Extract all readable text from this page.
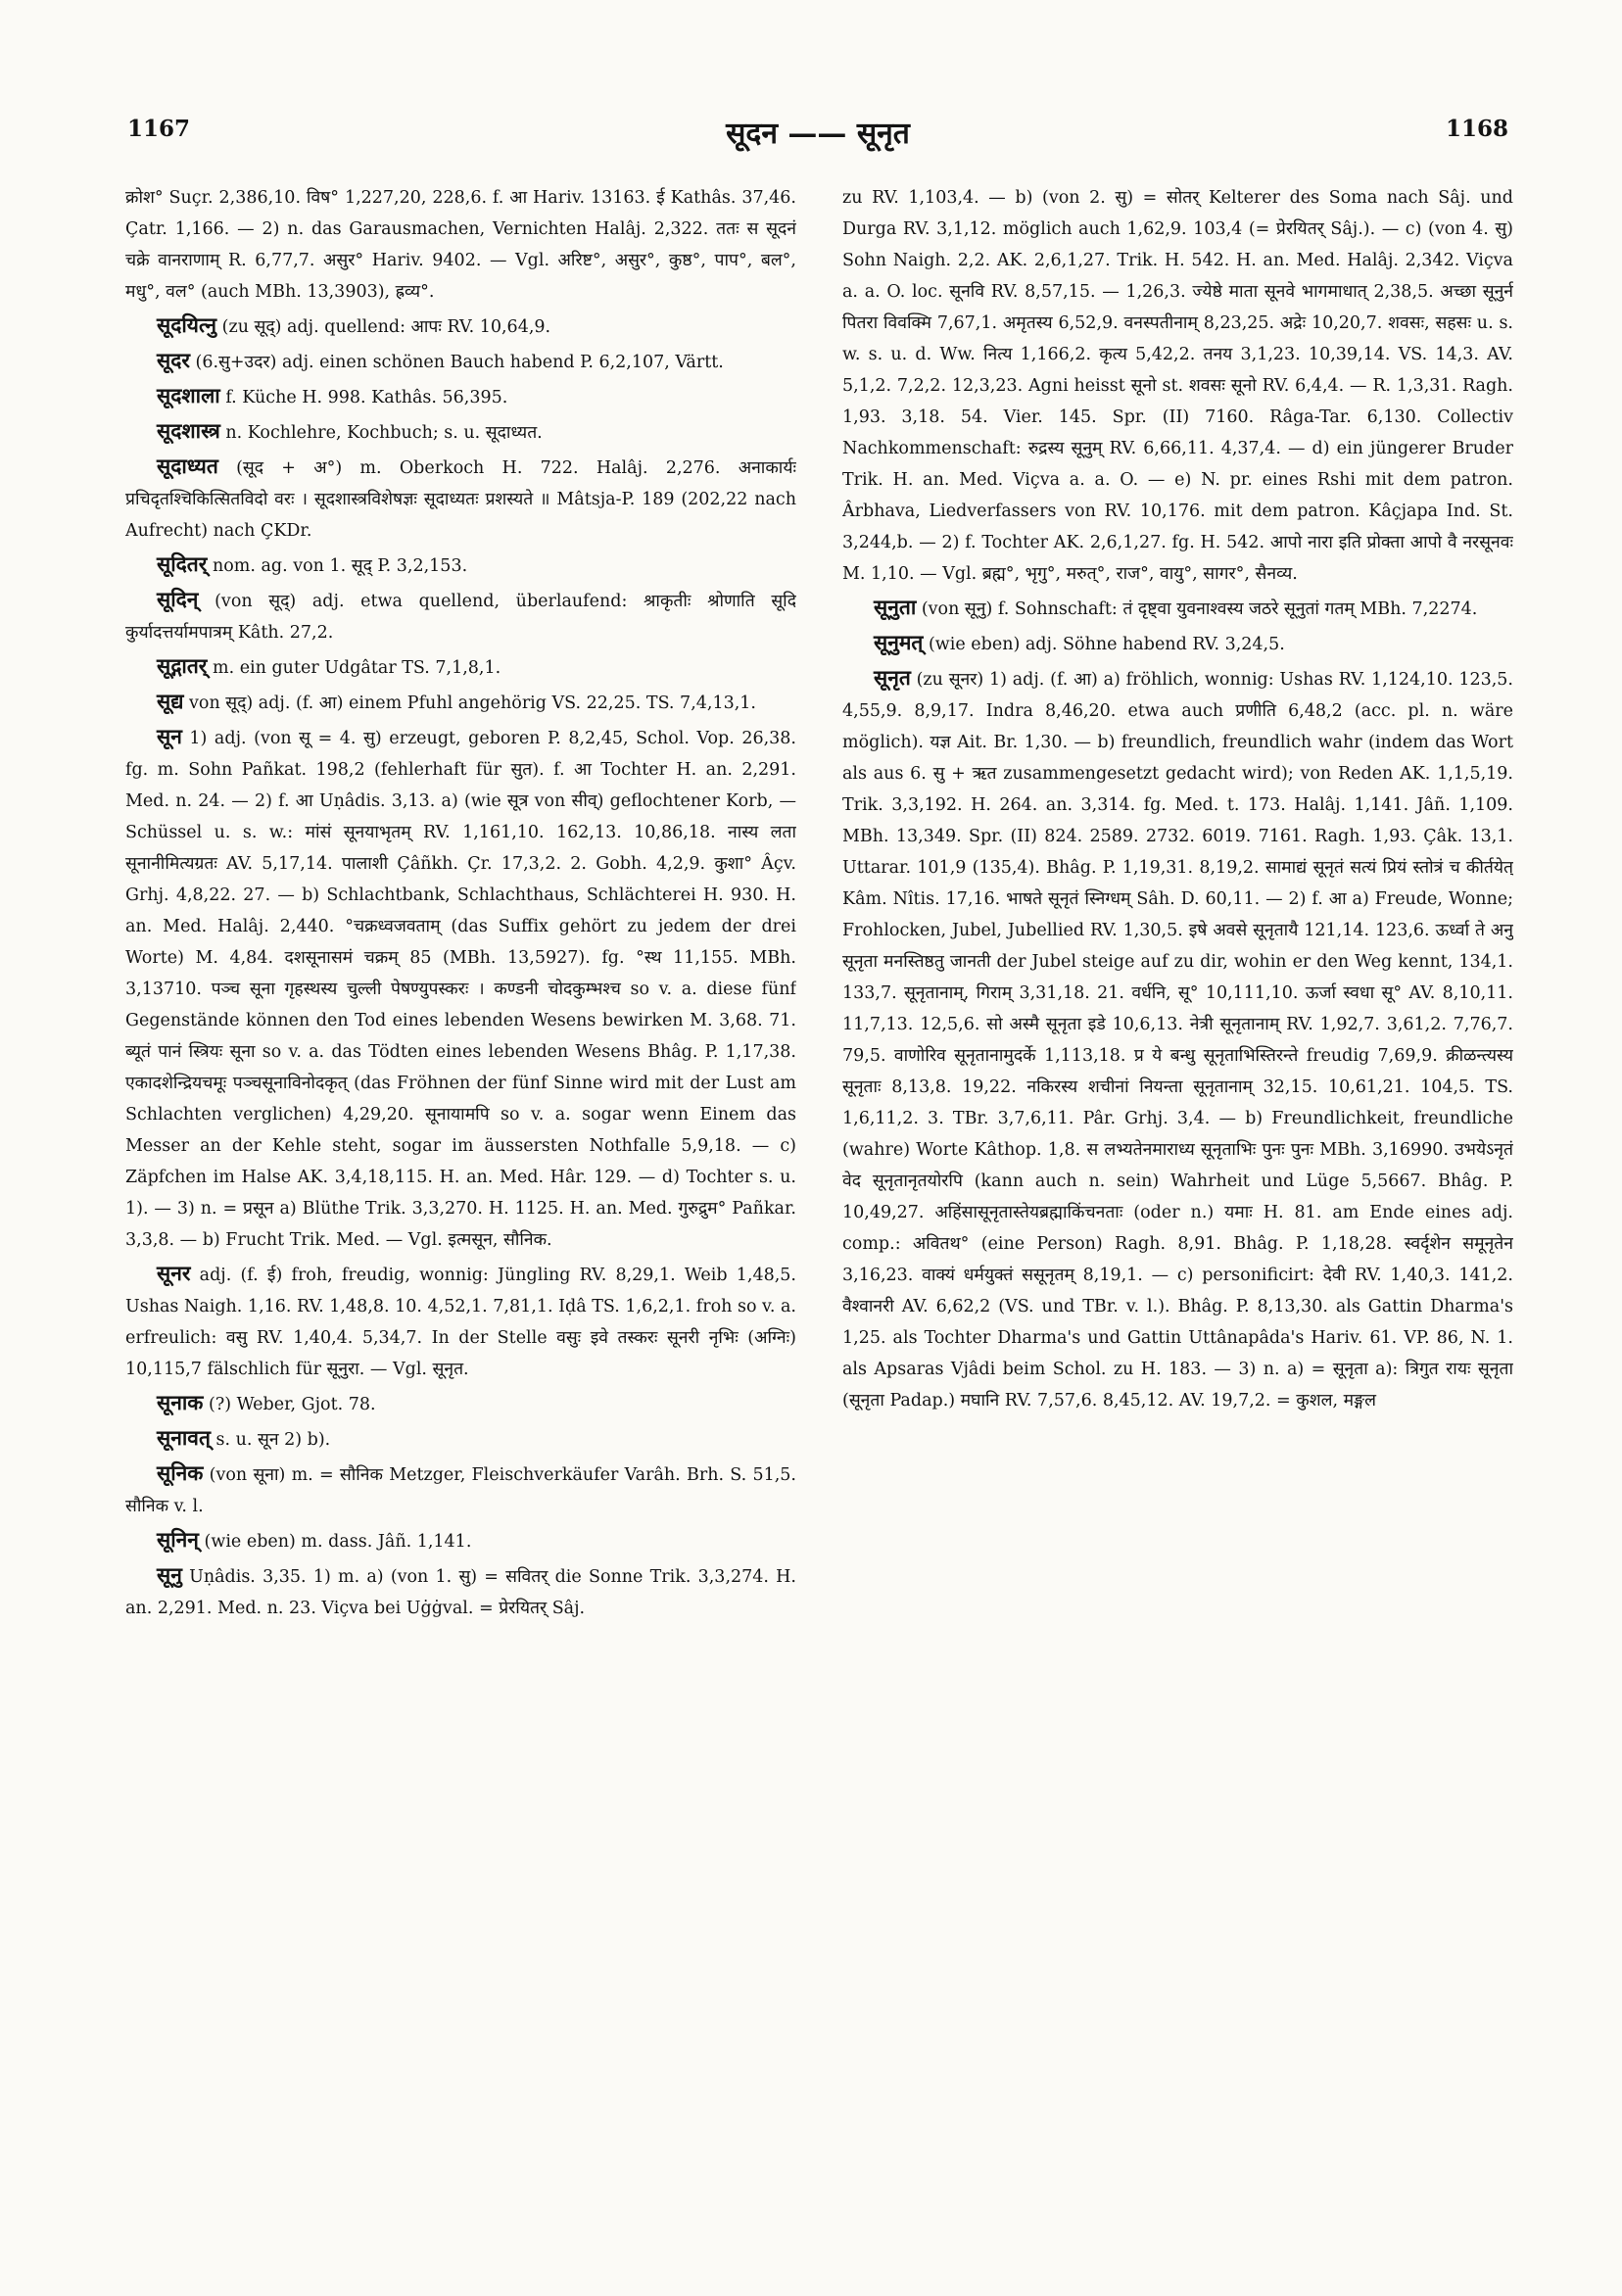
1167	सूदन —— सूनृत	1168

क्रोश° Suçr. 2,386,10. विष° 1,227,20, 228,6. f. आ Hariv. 13163. ई Kathâs. 37,46. Çatr. 1,166. — 2) n. das Garausmachen, Vernichten Halâj. 2,322. ततः स सूदनं चक्रे वानराणाम् R. 6,77,7. असुर° Hariv. 9402. — Vgl. अरिष्ट°, असुर°, कुष्ठ°, पाप°, बल°, मधु°, वल° (auch MBh. 13,3903), ह्रव्य°.

सूदयित्नु (zu सूद्) adj. quellend: आपः RV. 10,64,9.

सूदर (6.सु+उदर) adj. einen schönen Bauch habend P. 6,2,107, Värtt.

सूदशाला f. Küche H. 998. Kathâs. 56,395.

सूदशास्त्र n. Kochlehre, Kochbuch; s. u. सूदाध्यत.

सूदाध्यत (सूद + अ°) m. Oberkoch H. 722. Halâj. 2,276. अनाकार्यः प्रचिदृतश्चिकित्सितविदो वरः । सूदशास्त्रविशेषज्ञः सूदाध्यतः प्रशस्यते ॥ Mâtsja-P. 189 (202,22 nach Aufrecht) nach ÇKDr.

सूदितर् nom. ag. von 1. सूद् P. 3,2,153.

सूदिन् (von सूद्) adj. etwa quellend, überlaufend: श्राकृतीः श्रोणाति सूदि कुर्यादत्तर्यामपात्रम् Kâth. 27,2.

सूद्गातर् m. ein guter Udgâtar TS. 7,1,8,1.

सूद्य von सूद्) adj. (f. आ) einem Pfuhl angehörig VS. 22,25. TS. 7,4,13,1.

सून 1) adj. (von सू = 4. सु) erzeugt, geboren P. 8,2,45, Schol. Vop. 26,38. fg. m. Sohn Pañkat. 198,2 (fehlerhaft für सुत). f. आ Tochter H. an. 2,291. Med. n. 24. — 2) f. आ Uṇâdis. 3,13. a) (wie सूत्र von सीव्) geflochtener Korb, — Schüssel u. s. w.: मांसं सूनयाभृतम् RV. 1,161,10. 162,13. 10,86,18. नास्य लता सूनानीमित्यग्रतः AV. 5,17,14. पालाशी Çâñkh. Çr. 17,3,2. 2. Gobh. 4,2,9. कुशा° Âçv. Grhj. 4,8,22. 27. — b) Schlachtbank, Schlachthaus, Schlächterei H. 930. H. an. Med. Halâj. 2,440. °चक्रध्वजवताम् (das Suffix gehört zu jedem der drei Worte) M. 4,84. दशसूनासमं चक्रम् 85 (MBh. 13,5927). fg. °स्थ 11,155. MBh. 3,13710. पञ्च सूना गृहस्थस्य चुल्ली पेषण्युपस्करः । कण्डनी चोदकुम्भश्च so v. a. diese fünf Gegenstände können den Tod eines lebenden Wesens bewirken M. 3,68. 71. ब्यूतं पानं स्त्रियः सूना so v. a. das Tödten eines lebenden Wesens Bhâg. P. 1,17,38. एकादशेन्द्रियचमूः पञ्चसूनाविनोदकृत् (das Fröhnen der fünf Sinne wird mit der Lust am Schlachten verglichen) 4,29,20. सूनायामपि so v. a. sogar wenn Einem das Messer an der Kehle steht, sogar im äussersten Nothfalle 5,9,18. — c) Zäpfchen im Halse AK. 3,4,18,115. H. an. Med. Hâr. 129. — d) Tochter s. u. 1). — 3) n. = प्रसून a) Blüthe Trik. 3,3,270. H. 1125. H. an. Med. गुरुद्रुम° Pañkar. 3,3,8. — b) Frucht Trik. Med. — Vgl. इत्मसून, सौनिक.

सूनर adj. (f. ई) froh, freudig, wonnig: Jüngling RV. 8,29,1. Weib 1,48,5. Ushas Naigh. 1,16. RV. 1,48,8. 10. 4,52,1. 7,81,1. Iḍâ TS. 1,6,2,1. froh so v. a. erfreulich: वसु RV. 1,40,4. 5,34,7. In der Stelle वसुः इवे तस्करः सूनरी नृभिः (अग्निः) 10,115,7 fälschlich für सूनुरा. — Vgl. सूनृत.

सूनाक (?) Weber, Gjot. 78.

सूनावत् s. u. सून 2) b).

सूनिक (von सूना) m. = सौनिक Metzger, Fleischverkäufer Varâh. Brh. S. 51,5. सौनिक v. l.

सूनिन् (wie eben) m. dass. Jâñ. 1,141.

सूनु Uṇâdis. 3,35. 1) m. a) (von 1. सु) = सवितर् die Sonne Trik. 3,3,274. H. an. 2,291. Med. n. 23. Viçva bei Uġġval. = प्रेरयितर् Sâj.

zu RV. 1,103,4. — b) (von 2. सु) = सोतर् Kelterer des Soma nach Sâj. und Durga RV. 3,1,12. möglich auch 1,62,9. 103,4 (= प्रेरयितर् Sâj.). — c) (von 4. सु) Sohn Naigh. 2,2. AK. 2,6,1,27. Trik. H. 542. H. an. Med. Halâj. 2,342. Viçva a. a. O. loc. सूनवि RV. 8,57,15. — 1,26,3. ज्येष्ठे माता सूनवे भागमाधात् 2,38,5. अच्छा सूनुर्न पितरा विवक्मि 7,67,1. अमृतस्य 6,52,9. वनस्पतीनाम् 8,23,25. अद्रेः 10,20,7. शवसः, सहसः u. s. w. s. u. d. Ww. नित्य 1,166,2. कृत्य 5,42,2. तनय 3,1,23. 10,39,14. VS. 14,3. AV. 5,1,2. 7,2,2. 12,3,23. Agni heisst सूनो st. शवसः सूनो RV. 6,4,4. — R. 1,3,31. Ragh. 1,93. 3,18. 54. Vier. 145. Spr. (II) 7160. Râga-Tar. 6,130. Collectiv Nachkommenschaft: रुद्रस्य सूनुम् RV. 6,66,11. 4,37,4. — d) ein jüngerer Bruder Trik. H. an. Med. Viçva a. a. O. — e) N. pr. eines Rshi mit dem patron. Ârbhava, Liedverfassers von RV. 10,176. mit dem patron. Kâçjapa Ind. St. 3,244,b. — 2) f. Tochter AK. 2,6,1,27. fg. H. 542. आपो नारा इति प्रोक्ता आपो वै नरसूनवः M. 1,10. — Vgl. ब्रह्म°, भृगु°, मरुत्°, राज°, वायु°, सागर°, सैनव्य.

सूनुता (von सूनु) f. Sohnschaft: तं दृष्ट्वा युवनाश्वस्य जठरे सूनुतां गतम् MBh. 7,2274.

सूनुमत् (wie eben) adj. Söhne habend RV. 3,24,5.

सूनृत (zu सूनर) 1) adj. (f. आ) a) fröhlich, wonnig: Ushas RV. 1,124,10. 123,5. 4,55,9. 8,9,17. Indra 8,46,20. etwa auch प्रणीति 6,48,2 (acc. pl. n. wäre möglich). यज्ञ Ait. Br. 1,30. — b) freundlich, freundlich wahr (indem das Wort als aus 6. सु + ऋत zusammengesetzt gedacht wird); von Reden AK. 1,1,5,19. Trik. 3,3,192. H. 264. an. 3,314. fg. Med. t. 173. Halâj. 1,141. Jâñ. 1,109. MBh. 13,349. Spr. (II) 824. 2589. 2732. 6019. 7161. Ragh. 1,93. Çâk. 13,1. Uttarar. 101,9 (135,4). Bhâg. P. 1,19,31. 8,19,2. सामाद्यं सूनृतं सत्यं प्रियं स्तोत्रं च कीर्तयेत् Kâm. Nîtis. 17,16. भाषते सूनृतं स्निग्धम् Sâh. D. 60,11. — 2) f. आ a) Freude, Wonne; Frohlocken, Jubel, Jubellied RV. 1,30,5. इषे अवसे सूनृतायै 121,14. 123,6. ऊर्ध्वा ते अनु सूनृता मनस्तिष्ठतु जानती der Jubel steige auf zu dir, wohin er den Weg kennt, 134,1. 133,7. सूनृतानाम्, गिराम् 3,31,18. 21. वर्धनि, सू° 10,111,10. ऊर्जा स्वधा सू° AV. 8,10,11. 11,7,13. 12,5,6. सो अस्मै सूनृता इडे 10,6,13. नेत्री सूनृतानाम् RV. 1,92,7. 3,61,2. 7,76,7. 79,5. वाणोरिव सूनृतानामुदर्के 1,113,18. प्र ये बन्धु सूनृताभिस्तिरन्ते freudig 7,69,9. क्रीळन्त्यस्य सूनृताः 8,13,8. 19,22. नकिरस्य शचीनां नियन्ता सूनृतानाम् 32,15. 10,61,21. 104,5. TS. 1,6,11,2. 3. TBr. 3,7,6,11. Pâr. Grhj. 3,4. — b) Freundlichkeit, freundliche (wahre) Worte Kâthop. 1,8. स लभ्यतेनमाराध्य सूनृताभिः पुनः पुनः MBh. 3,16990. उभयेऽनृतं वेद सूनृतानृतयोरपि (kann auch n. sein) Wahrheit und Lüge 5,5667. Bhâg. P. 10,49,27. अहिंसासूनृतास्तेयब्रह्माकिंचनताः (oder n.) यमाः H. 81. am Ende eines adj. comp.: अवितथ° (eine Person) Ragh. 8,91. Bhâg. P. 1,18,28. स्वर्दृशेन समूनृतेन 3,16,23. वाक्यं धर्मयुक्तं ससूनृतम् 8,19,1. — c) personificirt: देवी RV. 1,40,3. 141,2. वैश्वानरी AV. 6,62,2 (VS. und TBr. v. l.). Bhâg. P. 8,13,30. als Gattin Dharma's 1,25. als Tochter Dharma's und Gattin Uttânapâda's Hariv. 61. VP. 86, N. 1. als Apsaras Vjâdi beim Schol. zu H. 183. — 3) n. a) = सूनृता a): त्रिगुत रायः सूनृता (सूनृता Padap.) मघानि RV. 7,57,6. 8,45,12. AV. 19,7,2. = कुशल, मङ्गल
